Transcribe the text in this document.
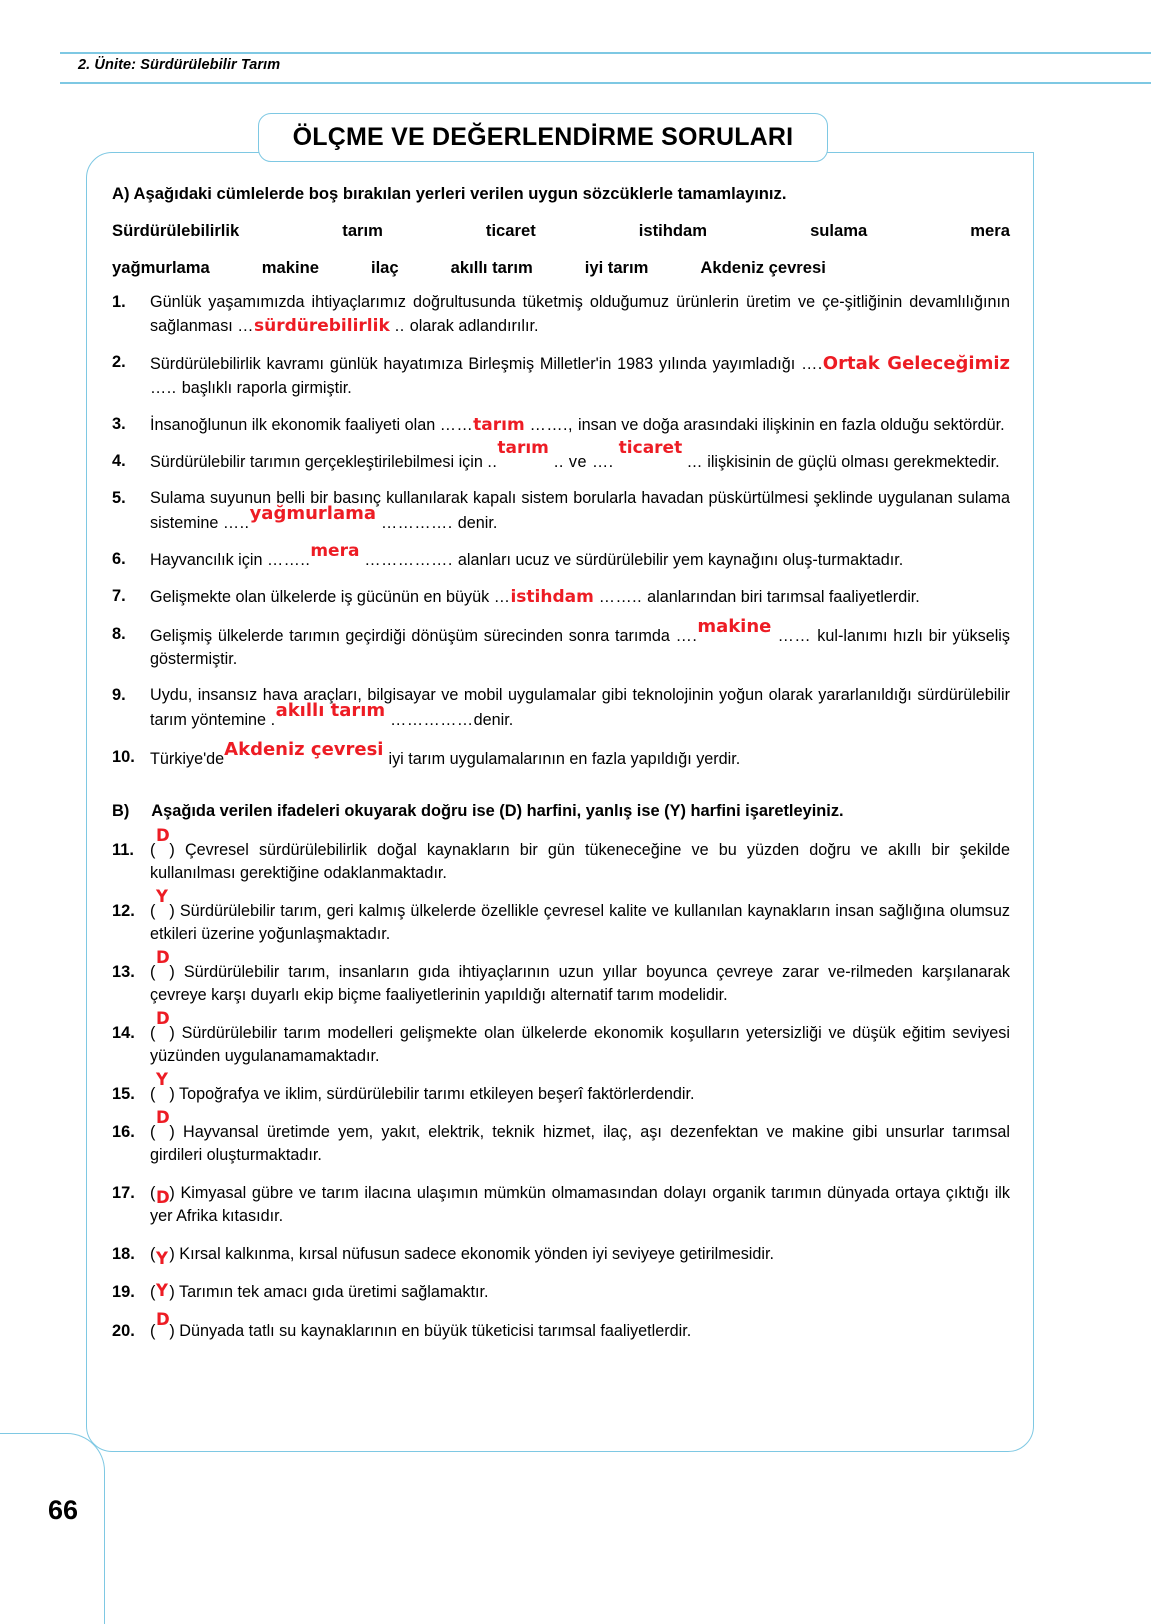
2. Ünite: Sürdürülebilir Tarım
ÖLÇME VE DEĞERLENDİRME SORULARI
66
A) Aşağıdaki cümlelerde boş bırakılan yerleri verilen uygun sözcüklerle tamamlayınız.
Sürdürülebilirlik	tarım	ticaret	istihdam	sulama	mera
yağmurlama	makine	ilaç	akıllı tarım	iyi tarım	Akdeniz çevresi
1.	Günlük yaşamımızda ihtiyaçlarımız doğrultusunda tüketmiş olduğumuz ürünlerin üretim ve çe-şitliğinin devamlılığının sağlanması …sürdürebilirlik .. olarak adlandırılır.
2.	Sürdürülebilirlik kavramı günlük hayatımıza Birleşmiş Milletler'in 1983 yılında yayımladığı ….Ortak Geleceğimiz ….. başlıklı raporla girmiştir.
3.	İnsanoğlunun ilk ekonomik faaliyeti olan ……tarım ……., insan ve doğa arasındaki ilişkinin en fazla olduğu sektördür.
4.	Sürdürülebilir tarımın gerçekleştirilebilmesi için ..tarım .. ve …. ticaret ... ilişkisinin de güçlü olması gerekmektedir.
5.	Sulama suyunun belli bir basınç kullanılarak kapalı sistem borularla havadan püskürtülmesi şeklinde uygulanan sulama sistemine …..yağmurlama …………. denir.
6.	Hayvancılık için ……..mera ……………. alanları ucuz ve sürdürülebilir yem kaynağını oluş-turmaktadır.
7.	Gelişmekte olan ülkelerde iş gücünün en büyük …istihdam …….. alanlarından biri tarımsal faaliyetlerdir.
8.	Gelişmiş ülkelerde tarımın geçirdiği dönüşüm sürecinden sonra tarımda ….makine …… kul-lanımı hızlı bir yükseliş göstermiştir.
9.	Uydu, insansız hava araçları, bilgisayar ve mobil uygulamalar gibi teknolojinin yoğun olarak yararlanıldığı sürdürülebilir tarım yöntemine .akıllı tarım ……………denir.
10. Türkiye'deAkdeniz çevresi iyi tarım uygulamalarının en fazla yapıldığı yerdir.
B) Aşağıda verilen ifadeleri okuyarak doğru ise (D) harfini, yanlış ise (Y) harfini işaretleyiniz.
11. (
D
) Çevresel sürdürülebilirlik doğal kaynakların bir gün tükeneceğine ve bu yüzden doğru ve akıllı bir şekilde kullanılması gerektiğine odaklanmaktadır.
12. (
Y
) Sürdürülebilir tarım, geri kalmış ülkelerde özellikle çevresel kalite ve kullanılan kaynakların insan sağlığına olumsuz etkileri üzerine yoğunlaşmaktadır.
13. (
D
) Sürdürülebilir tarım, insanların gıda ihtiyaçlarının uzun yıllar boyunca çevreye zarar ve-rilmeden karşılanarak çevreye karşı duyarlı ekip biçme faaliyetlerinin yapıldığı alternatif tarım modelidir.
14. (
D
) Sürdürülebilir tarım modelleri gelişmekte olan ülkelerde ekonomik koşulların yetersizliği ve düşük eğitim seviyesi yüzünden uygulanamamaktadır.
15. (
Y
) Topoğrafya ve iklim, sürdürülebilir tarımı etkileyen beşerî faktörlerdendir.
16. (
D
) Hayvansal üretimde yem, yakıt, elektrik, teknik hizmet, ilaç, aşı dezenfektan ve makine gibi unsurlar tarımsal girdileri oluşturmaktadır.
17. ( D ) Kimyasal gübre ve tarım ilacına ulaşımın mümkün olmamasından dolayı organik tarımın dünyada ortaya çıktığı ilk yer Afrika kıtasıdır.
18. ( Y ) Kırsal kalkınma, kırsal nüfusun sadece ekonomik yönden iyi seviyeye getirilmesidir.
19. ( Y ) Tarımın tek amacı gıda üretimi sağlamaktır.
20. (
D
) Dünyada tatlı su kaynaklarının en büyük tüketicisi tarımsal faaliyetlerdir.
